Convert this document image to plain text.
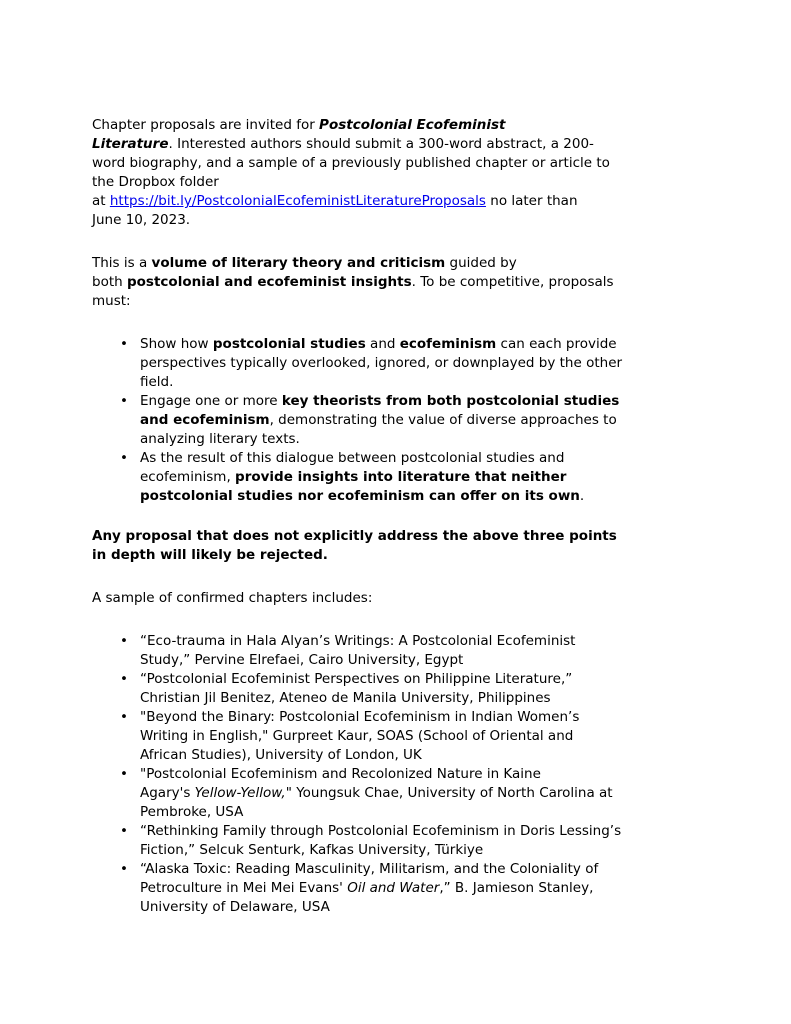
Chapter proposals are invited for Postcolonial Ecofeminist
Literature. Interested authors should submit a 300-word abstract, a 200-
word biography, and a sample of a previously published chapter or article to
the Dropbox folder
at https://bit.ly/PostcolonialEcofeministLiteratureProposals no later than
June 10, 2023.

This is a volume of literary theory and criticism guided by
both postcolonial and ecofeminist insights. To be competitive, proposals
must:

• Show how postcolonial studies and ecofeminism can each provide
perspectives typically overlooked, ignored, or downplayed by the other
field.
• Engage one or more key theorists from both postcolonial studies
and ecofeminism, demonstrating the value of diverse approaches to
analyzing literary texts.
• As the result of this dialogue between postcolonial studies and
ecofeminism, provide insights into literature that neither
postcolonial studies nor ecofeminism can offer on its own.

Any proposal that does not explicitly address the above three points
in depth will likely be rejected.

A sample of confirmed chapters includes:

• “Eco-trauma in Hala Alyan’s Writings: A Postcolonial Ecofeminist
Study,” Pervine Elrefaei, Cairo University, Egypt
• “Postcolonial Ecofeminist Perspectives on Philippine Literature,”
Christian Jil Benitez, Ateneo de Manila University, Philippines
• "Beyond the Binary: Postcolonial Ecofeminism in Indian Women’s
Writing in English," Gurpreet Kaur, SOAS (School of Oriental and
African Studies), University of London, UK
• "Postcolonial Ecofeminism and Recolonized Nature in Kaine
Agary's Yellow-Yellow," Youngsuk Chae, University of North Carolina at
Pembroke, USA
• “Rethinking Family through Postcolonial Ecofeminism in Doris Lessing’s
Fiction,” Selcuk Senturk, Kafkas University, Türkiye
• “Alaska Toxic: Reading Masculinity, Militarism, and the Coloniality of
Petroculture in Mei Mei Evans' Oil and Water,” B. Jamieson Stanley,
University of Delaware, USA
